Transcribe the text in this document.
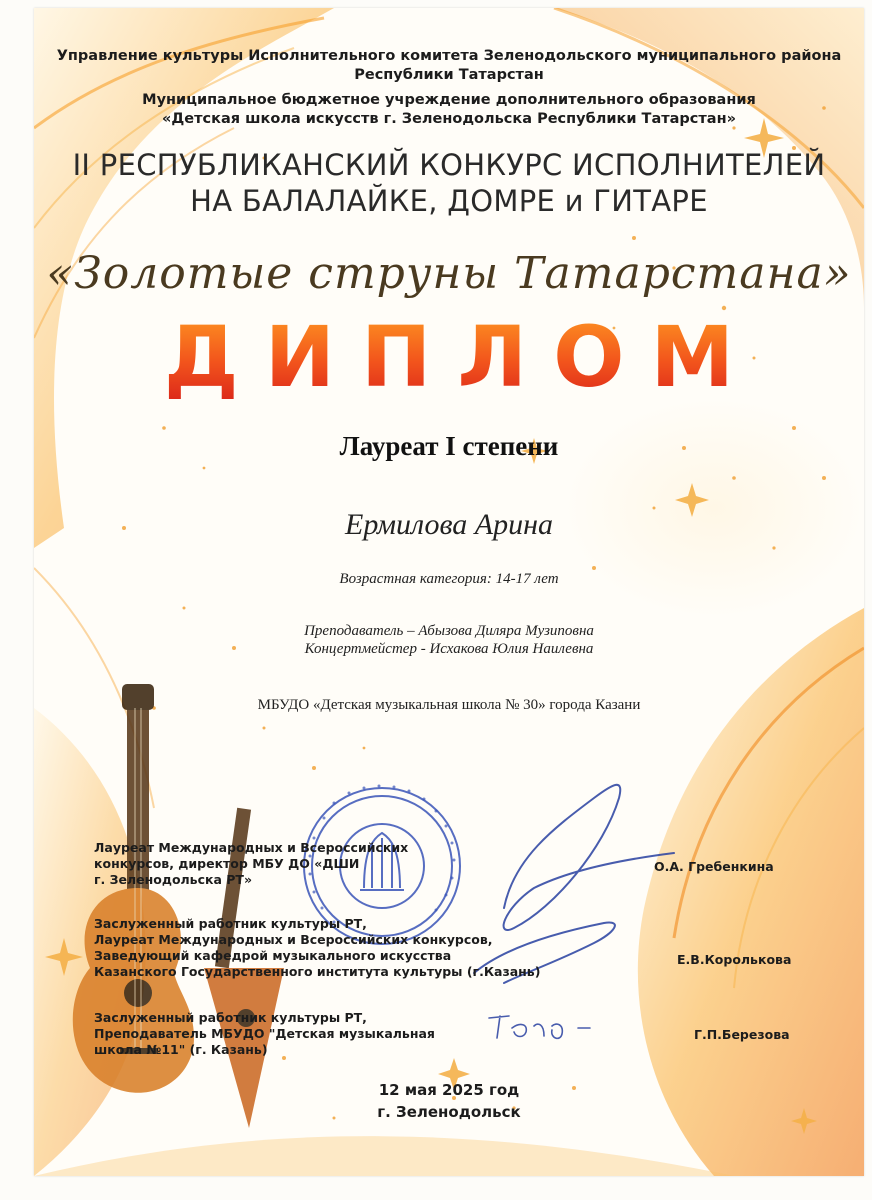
Управление культуры Исполнительного комитета Зеленодольского муниципального района
Республики Татарстан
Муниципальное бюджетное учреждение дополнительного образования
«Детская школа искусств г. Зеленодольска Республики Татарстан»
II РЕСПУБЛИКАНСКИЙ КОНКУРС ИСПОЛНИТЕЛЕЙ
НА БАЛАЛАЙКЕ, ДОМРЕ и ГИТАРЕ
«Золотые струны Татарстана»
ДИПЛОМ
Лауреат I степени
Ермилова Арина
Возрастная категория: 14-17 лет
Преподаватель – Абызова Диляра Музиповна
Концертмейстер - Исхакова Юлия Наилевна
МБУДО «Детская музыкальная школа № 30» города Казани
Лауреат Международных и Всероссийских
конкурсов, директор МБУ ДО «ДШИ
г. Зеленодольска РТ»
О.А. Гребенкина
Заслуженный работник культуры РТ,
Лауреат Международных и Всероссийских конкурсов,
Заведующий кафедрой музыкального искусства
Казанского Государственного института культуры (г.Казань)
Е.В.Королькова
Заслуженный работник культуры РТ,
Преподаватель МБУДО "Детская музыкальная
школа №11" (г. Казань)
Г.П.Березова
12 мая 2025 год
г. Зеленодольск
